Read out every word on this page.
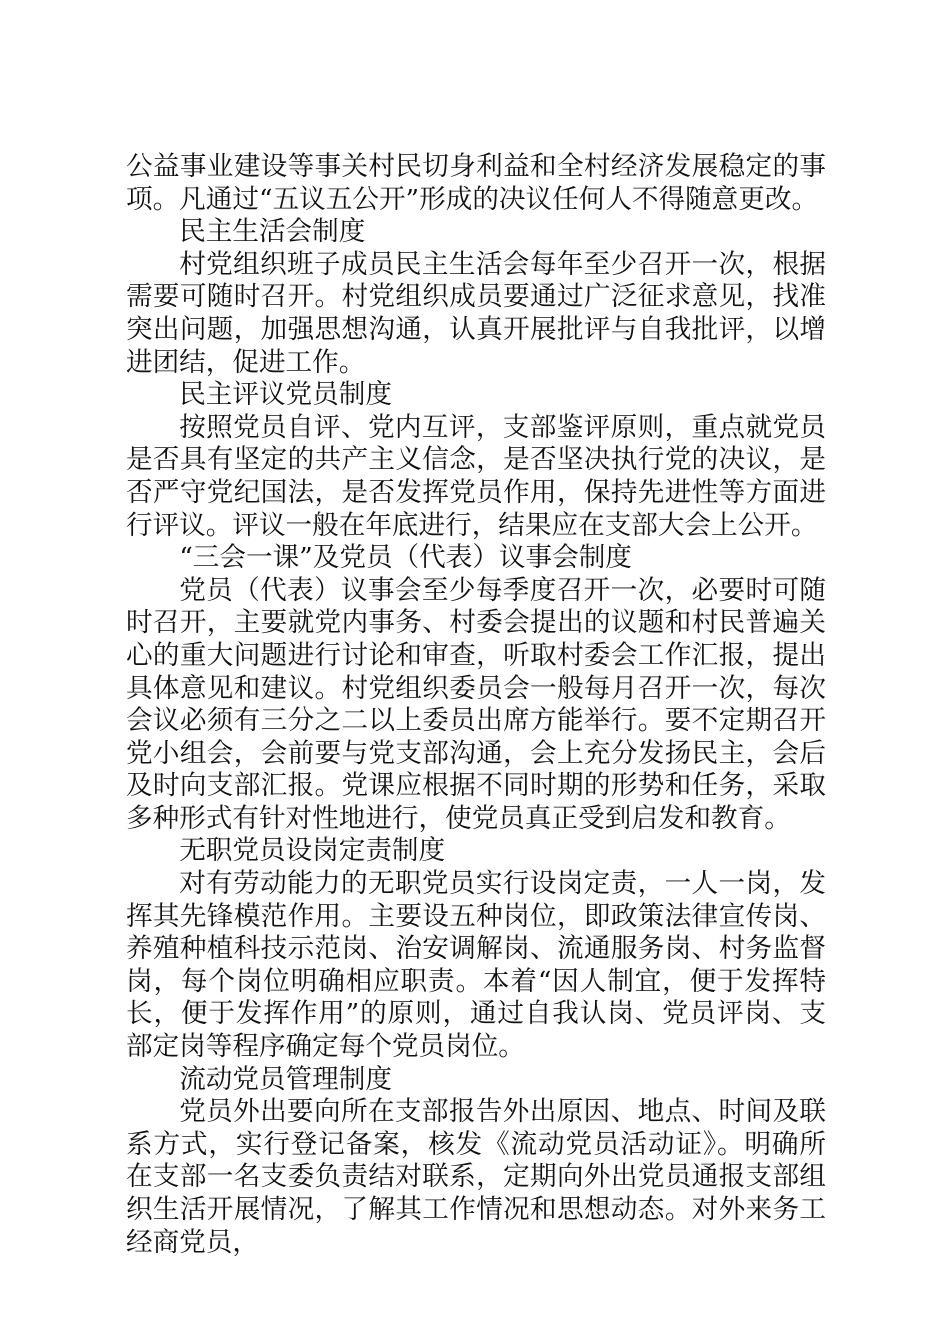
公益事业建设等事关村民切身利益和全村经济发展稳定的事项。凡通过“五议五公开”形成的决议任何人不得随意更改。

民主生活会制度

村党组织班子成员民主生活会每年至少召开一次，根据需要可随时召开。村党组织成员要通过广泛征求意见，找准突出问题，加强思想沟通，认真开展批评与自我批评，以增进团结，促进工作。

民主评议党员制度

按照党员自评、党内互评，支部鉴评原则，重点就党员是否具有坚定的共产主义信念，是否坚决执行党的决议，是否严守党纪国法，是否发挥党员作用，保持先进性等方面进行评议。评议一般在年底进行，结果应在支部大会上公开。

“三会一课”及党员（代表）议事会制度

党员（代表）议事会至少每季度召开一次，必要时可随时召开，主要就党内事务、村委会提出的议题和村民普遍关心的重大问题进行讨论和审查，听取村委会工作汇报，提出具体意见和建议。村党组织委员会一般每月召开一次，每次会议必须有三分之二以上委员出席方能举行。要不定期召开党小组会，会前要与党支部沟通，会上充分发扬民主，会后及时向支部汇报。党课应根据不同时期的形势和任务，采取多种形式有针对性地进行，使党员真正受到启发和教育。

无职党员设岗定责制度

对有劳动能力的无职党员实行设岗定责，一人一岗，发挥其先锋模范作用。主要设五种岗位，即政策法律宣传岗、养殖种植科技示范岗、治安调解岗、流通服务岗、村务监督岗，每个岗位明确相应职责。本着“因人制宜，便于发挥特长，便于发挥作用”的原则，通过自我认岗、党员评岗、支部定岗等程序确定每个党员岗位。

流动党员管理制度

党员外出要向所在支部报告外出原因、地点、时间及联系方式，实行登记备案，核发《流动党员活动证》。明确所在支部一名支委负责结对联系，定期向外出党员通报支部组织生活开展情况，了解其工作情况和思想动态。对外来务工经商党员，
